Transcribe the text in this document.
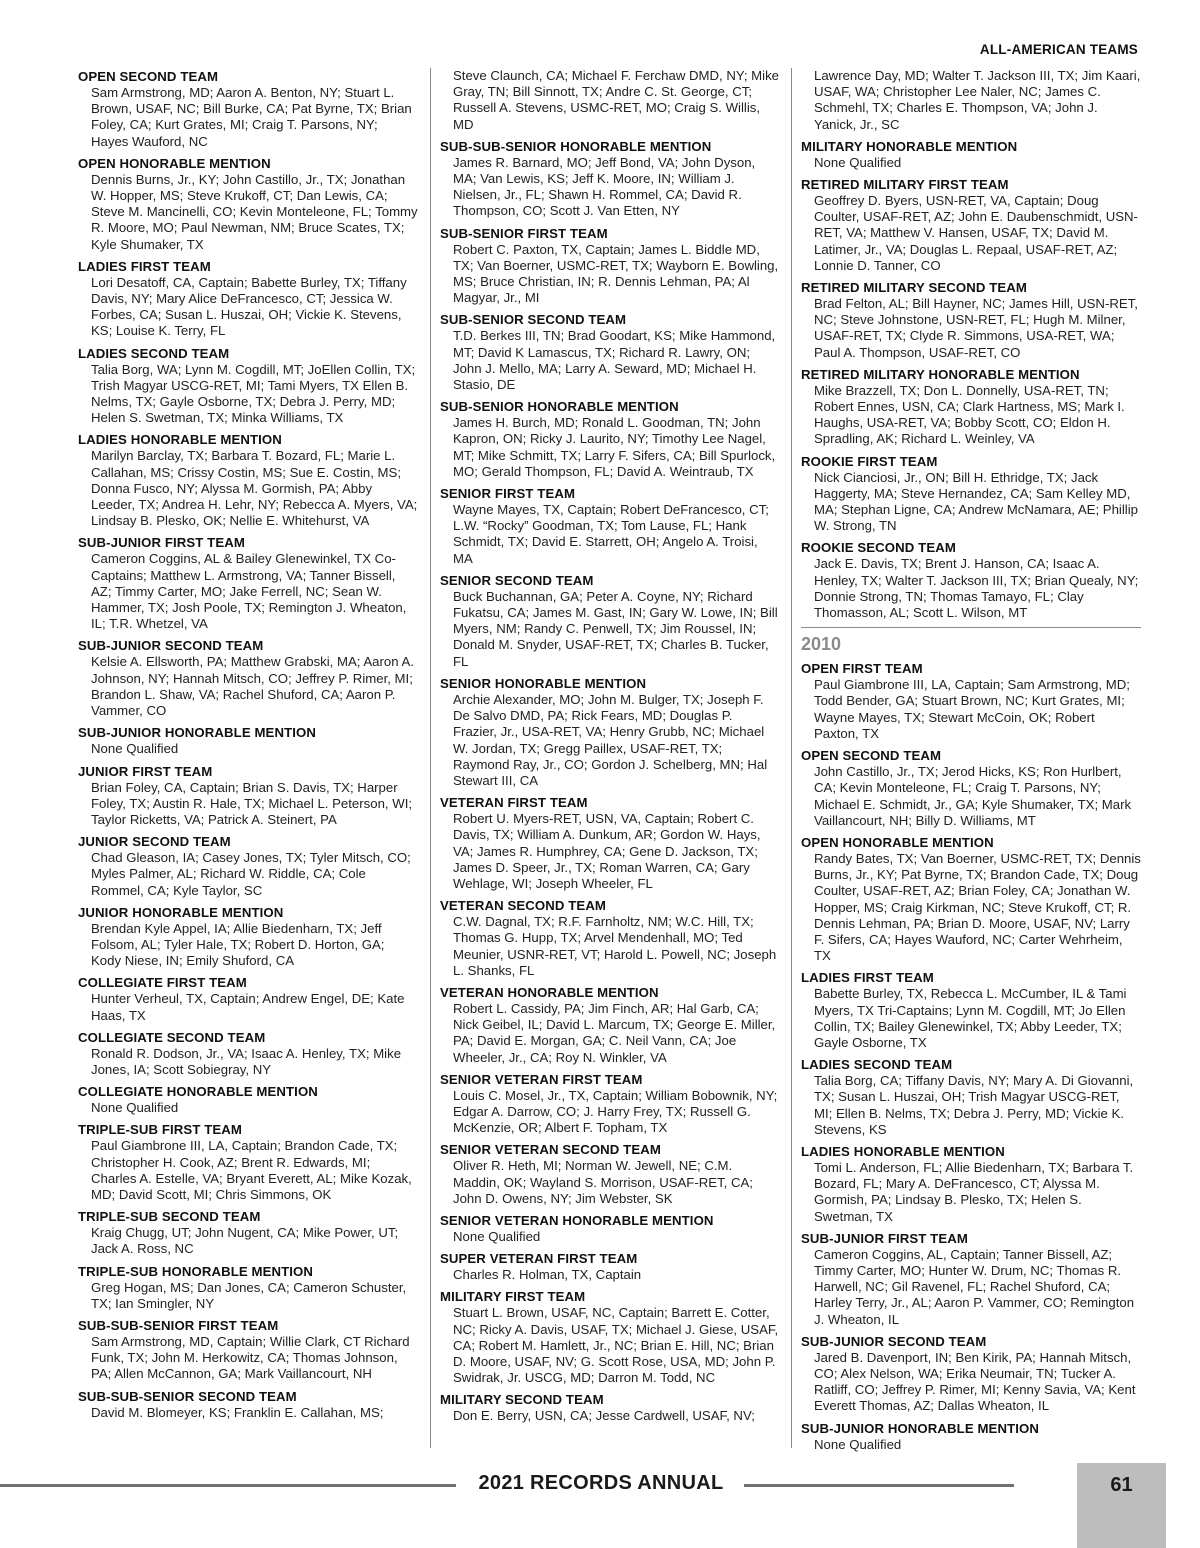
ALL-AMERICAN TEAMS
OPEN SECOND TEAM
Sam Armstrong, MD; Aaron A. Benton, NY; Stuart L. Brown, USAF, NC; Bill Burke, CA; Pat Byrne, TX; Brian Foley, CA; Kurt Grates, MI; Craig T. Parsons, NY; Hayes Wauford, NC
OPEN HONORABLE MENTION
Dennis Burns, Jr., KY; John Castillo, Jr., TX; Jonathan W. Hopper, MS; Steve Krukoff, CT; Dan Lewis, CA; Steve M. Mancinelli, CO; Kevin Monteleone, FL; Tommy R. Moore, MO; Paul Newman, NM; Bruce Scates, TX; Kyle Shumaker, TX
LADIES FIRST TEAM
Lori Desatoff, CA, Captain; Babette Burley, TX; Tiffany Davis, NY; Mary Alice DeFrancesco, CT; Jessica W. Forbes, CA; Susan L. Huszai, OH; Vickie K. Stevens, KS; Louise K. Terry, FL
LADIES SECOND TEAM
Talia Borg, WA; Lynn M. Cogdill, MT; JoEllen Collin, TX; Trish Magyar USCG-RET, MI; Tami Myers, TX Ellen B. Nelms, TX; Gayle Osborne, TX; Debra J. Perry, MD; Helen S. Swetman, TX; Minka Williams, TX
LADIES HONORABLE MENTION
Marilyn Barclay, TX; Barbara T. Bozard, FL; Marie L. Callahan, MS; Crissy Costin, MS; Sue E. Costin, MS; Donna Fusco, NY; Alyssa M. Gormish, PA; Abby Leeder, TX; Andrea H. Lehr, NY; Rebecca A. Myers, VA; Lindsay B. Plesko, OK; Nellie E. Whitehurst, VA
SUB-JUNIOR FIRST TEAM
Cameron Coggins, AL & Bailey Glenewinkel, TX Co-Captains; Matthew L. Armstrong, VA; Tanner Bissell, AZ; Timmy Carter, MO; Jake Ferrell, NC; Sean W. Hammer, TX; Josh Poole, TX; Remington J. Wheaton, IL; T.R. Whetzel, VA
SUB-JUNIOR SECOND TEAM
Kelsie A. Ellsworth, PA; Matthew Grabski, MA; Aaron A. Johnson, NY; Hannah Mitsch, CO; Jeffrey P. Rimer, MI; Brandon L. Shaw, VA; Rachel Shuford, CA; Aaron P. Vammer, CO
SUB-JUNIOR HONORABLE MENTION
None Qualified
JUNIOR FIRST TEAM
Brian Foley, CA, Captain; Brian S. Davis, TX; Harper Foley, TX; Austin R. Hale, TX; Michael L. Peterson, WI; Taylor Ricketts, VA; Patrick A. Steinert, PA
JUNIOR SECOND TEAM
Chad Gleason, IA; Casey Jones, TX; Tyler Mitsch, CO; Myles Palmer, AL; Richard W. Riddle, CA; Cole Rommel, CA; Kyle Taylor, SC
JUNIOR HONORABLE MENTION
Brendan Kyle Appel, IA; Allie Biedenharn, TX; Jeff Folsom, AL; Tyler Hale, TX; Robert D. Horton, GA; Kody Niese, IN; Emily Shuford, CA
COLLEGIATE FIRST TEAM
Hunter Verheul, TX, Captain; Andrew Engel, DE; Kate Haas, TX
COLLEGIATE SECOND TEAM
Ronald R. Dodson, Jr., VA; Isaac A. Henley, TX; Mike Jones, IA; Scott Sobiegray, NY
COLLEGIATE HONORABLE MENTION
None Qualified
TRIPLE-SUB FIRST TEAM
Paul Giambrone III, LA, Captain; Brandon Cade, TX; Christopher H. Cook, AZ; Brent R. Edwards, MI; Charles A. Estelle, VA; Bryant Everett, AL; Mike Kozak, MD; David Scott, MI; Chris Simmons, OK
TRIPLE-SUB SECOND TEAM
Kraig Chugg, UT; John Nugent, CA; Mike Power, UT; Jack A. Ross, NC
TRIPLE-SUB HONORABLE MENTION
Greg Hogan, MS; Dan Jones, CA; Cameron Schuster, TX; Ian Smingler, NY
SUB-SUB-SENIOR FIRST TEAM
Sam Armstrong, MD, Captain; Willie Clark, CT Richard Funk, TX; John M. Herkowitz, CA; Thomas Johnson, PA; Allen McCannon, GA; Mark Vaillancourt, NH
SUB-SUB-SENIOR SECOND TEAM
David M. Blomeyer, KS; Franklin E. Callahan, MS;
Steve Claunch, CA; Michael F. Ferchaw DMD, NY; Mike Gray, TN; Bill Sinnott, TX; Andre C. St. George, CT; Russell A. Stevens, USMC-RET, MO; Craig S. Willis, MD
SUB-SUB-SENIOR HONORABLE MENTION
James R. Barnard, MO; Jeff Bond, VA; John Dyson, MA; Van Lewis, KS; Jeff K. Moore, IN; William J. Nielsen, Jr., FL; Shawn H. Rommel, CA; David R. Thompson, CO; Scott J. Van Etten, NY
SUB-SENIOR FIRST TEAM
Robert C. Paxton, TX, Captain; James L. Biddle MD, TX; Van Boerner, USMC-RET, TX; Wayborn E. Bowling, MS; Bruce Christian, IN; R. Dennis Lehman, PA; Al Magyar, Jr., MI
SUB-SENIOR SECOND TEAM
T.D. Berkes III, TN; Brad Goodart, KS; Mike Hammond, MT; David K Lamascus, TX; Richard R. Lawry, ON; John J. Mello, MA; Larry A. Seward, MD; Michael H. Stasio, DE
SUB-SENIOR HONORABLE MENTION
James H. Burch, MD; Ronald L. Goodman, TN; John Kapron, ON; Ricky J. Laurito, NY; Timothy Lee Nagel, MT; Mike Schmitt, TX; Larry F. Sifers, CA; Bill Spurlock, MO; Gerald Thompson, FL; David A. Weintraub, TX
SENIOR FIRST TEAM
Wayne Mayes, TX, Captain; Robert DeFrancesco, CT; L.W. “Rocky” Goodman, TX; Tom Lause, FL; Hank Schmidt, TX; David E. Starrett, OH; Angelo A. Troisi, MA
SENIOR SECOND TEAM
Buck Buchannan, GA; Peter A. Coyne, NY; Richard Fukatsu, CA; James M. Gast, IN; Gary W. Lowe, IN; Bill Myers, NM; Randy C. Penwell, TX; Jim Roussel, IN; Donald M. Snyder, USAF-RET, TX; Charles B. Tucker, FL
SENIOR HONORABLE MENTION
Archie Alexander, MO; John M. Bulger, TX; Joseph F. De Salvo DMD, PA; Rick Fears, MD; Douglas P. Frazier, Jr., USA-RET, VA; Henry Grubb, NC; Michael W. Jordan, TX; Gregg Paillex, USAF-RET, TX; Raymond Ray, Jr., CO; Gordon J. Schelberg, MN; Hal Stewart III, CA
VETERAN FIRST TEAM
Robert U. Myers-RET, USN, VA, Captain; Robert C. Davis, TX; William A. Dunkum, AR; Gordon W. Hays, VA; James R. Humphrey, CA; Gene D. Jackson, TX; James D. Speer, Jr., TX; Roman Warren, CA; Gary Wehlage, WI; Joseph Wheeler, FL
VETERAN SECOND TEAM
C.W. Dagnal, TX; R.F. Farnholtz, NM; W.C. Hill, TX; Thomas G. Hupp, TX; Arvel Mendenhall, MO; Ted Meunier, USNR-RET, VT; Harold L. Powell, NC; Joseph L. Shanks, FL
VETERAN HONORABLE MENTION
Robert L. Cassidy, PA; Jim Finch, AR; Hal Garb, CA; Nick Geibel, IL; David L. Marcum, TX; George E. Miller, PA; David E. Morgan, GA; C. Neil Vann, CA; Joe Wheeler, Jr., CA; Roy N. Winkler, VA
SENIOR VETERAN FIRST TEAM
Louis C. Mosel, Jr., TX, Captain; William Bobownik, NY; Edgar A. Darrow, CO; J. Harry Frey, TX; Russell G. McKenzie, OR; Albert F. Topham, TX
SENIOR VETERAN SECOND TEAM
Oliver R. Heth, MI; Norman W. Jewell, NE; C.M. Maddin, OK; Wayland S. Morrison, USAF-RET, CA; John D. Owens, NY; Jim Webster, SK
SENIOR VETERAN HONORABLE MENTION
None Qualified
SUPER VETERAN FIRST TEAM
Charles R. Holman, TX, Captain
MILITARY FIRST TEAM
Stuart L. Brown, USAF, NC, Captain; Barrett E. Cotter, NC; Ricky A. Davis, USAF, TX; Michael J. Giese, USAF, CA; Robert M. Hamlett, Jr., NC; Brian E. Hill, NC; Brian D. Moore, USAF, NV; G. Scott Rose, USA, MD; John P. Swidrak, Jr. USCG, MD; Darron M. Todd, NC
MILITARY SECOND TEAM
Don E. Berry, USN, CA; Jesse Cardwell, USAF, NV;
Lawrence Day, MD; Walter T. Jackson III, TX; Jim Kaari, USAF, WA; Christopher Lee Naler, NC; James C. Schmehl, TX; Charles E. Thompson, VA; John J. Yanick, Jr., SC
MILITARY HONORABLE MENTION
None Qualified
RETIRED MILITARY FIRST TEAM
Geoffrey D. Byers, USN-RET, VA, Captain; Doug Coulter, USAF-RET, AZ; John E. Daubenschmidt, USN-RET, VA; Matthew V. Hansen, USAF, TX; David M. Latimer, Jr., VA; Douglas L. Repaal, USAF-RET, AZ; Lonnie D. Tanner, CO
RETIRED MILITARY SECOND TEAM
Brad Felton, AL; Bill Hayner, NC; James Hill, USN-RET, NC; Steve Johnstone, USN-RET, FL; Hugh M. Milner, USAF-RET, TX; Clyde R. Simmons, USA-RET, WA; Paul A. Thompson, USAF-RET, CO
RETIRED MILITARY HONORABLE MENTION
Mike Brazzell, TX; Don L. Donnelly, USA-RET, TN; Robert Ennes, USN, CA; Clark Hartness, MS; Mark I. Haughs, USA-RET, VA; Bobby Scott, CO; Eldon H. Spradling, AK; Richard L. Weinley, VA
ROOKIE FIRST TEAM
Nick Cianciosi, Jr., ON; Bill H. Ethridge, TX; Jack Haggerty, MA; Steve Hernandez, CA; Sam Kelley MD, MA; Stephan Ligne, CA; Andrew McNamara, AE; Phillip W. Strong, TN
ROOKIE SECOND TEAM
Jack E. Davis, TX; Brent J. Hanson, CA; Isaac A. Henley, TX; Walter T. Jackson III, TX; Brian Quealy, NY; Donnie Strong, TN; Thomas Tamayo, FL; Clay Thomasson, AL; Scott L. Wilson, MT
2010
OPEN FIRST TEAM
Paul Giambrone III, LA, Captain; Sam Armstrong, MD; Todd Bender, GA; Stuart Brown, NC; Kurt Grates, MI; Wayne Mayes, TX; Stewart McCoin, OK; Robert Paxton, TX
OPEN SECOND TEAM
John Castillo, Jr., TX; Jerod Hicks, KS; Ron Hurlbert, CA; Kevin Monteleone, FL; Craig T. Parsons, NY; Michael E. Schmidt, Jr., GA; Kyle Shumaker, TX; Mark Vaillancourt, NH; Billy D. Williams, MT
OPEN HONORABLE MENTION
Randy Bates, TX; Van Boerner, USMC-RET, TX; Dennis Burns, Jr., KY; Pat Byrne, TX; Brandon Cade, TX; Doug Coulter, USAF-RET, AZ; Brian Foley, CA; Jonathan W. Hopper, MS; Craig Kirkman, NC; Steve Krukoff, CT; R. Dennis Lehman, PA; Brian D. Moore, USAF, NV; Larry F. Sifers, CA; Hayes Wauford, NC; Carter Wehrheim, TX
LADIES FIRST TEAM
Babette Burley, TX, Rebecca L. McCumber, IL & Tami Myers, TX Tri-Captains; Lynn M. Cogdill, MT; Jo Ellen Collin, TX; Bailey Glenewinkel, TX; Abby Leeder, TX; Gayle Osborne, TX
LADIES SECOND TEAM
Talia Borg, CA; Tiffany Davis, NY; Mary A. Di Giovanni, TX; Susan L. Huszai, OH; Trish Magyar USCG-RET, MI; Ellen B. Nelms, TX; Debra J. Perry, MD; Vickie K. Stevens, KS
LADIES HONORABLE MENTION
Tomi L. Anderson, FL; Allie Biedenharn, TX; Barbara T. Bozard, FL; Mary A. DeFrancesco, CT; Alyssa M. Gormish, PA; Lindsay B. Plesko, TX; Helen S. Swetman, TX
SUB-JUNIOR FIRST TEAM
Cameron Coggins, AL, Captain; Tanner Bissell, AZ; Timmy Carter, MO; Hunter W. Drum, NC; Thomas R. Harwell, NC; Gil Ravenel, FL; Rachel Shuford, CA; Harley Terry, Jr., AL; Aaron P. Vammer, CO; Remington J. Wheaton, IL
SUB-JUNIOR SECOND TEAM
Jared B. Davenport, IN; Ben Kirik, PA; Hannah Mitsch, CO; Alex Nelson, WA; Erika Neumair, TN; Tucker A. Ratliff, CO; Jeffrey P. Rimer, MI; Kenny Savia, VA; Kent Everett Thomas, AZ; Dallas Wheaton, IL
SUB-JUNIOR HONORABLE MENTION
None Qualified
2021 RECORDS ANNUAL	61
